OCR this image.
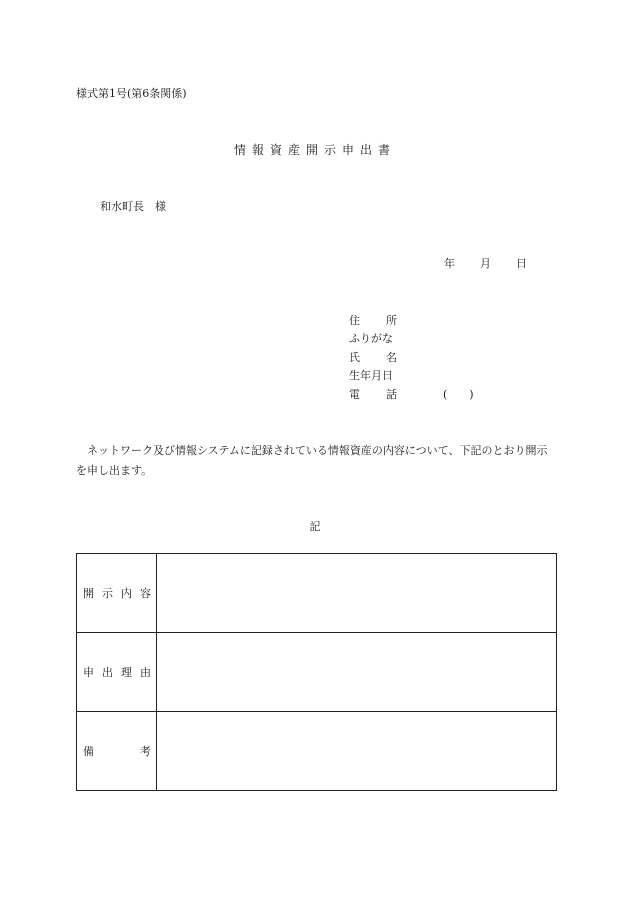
様式第1号(第6条関係)
情報資産開示申出書
和水町長　様
年 月 日
住　所
ふりがな
氏　名
生年月日
電　話	(　　)
ネットワーク及び情報システムに記録されている情報資産の内容について、下記のとおり開示を申し出ます。
記
開示内容	
申出理由	
備考	
